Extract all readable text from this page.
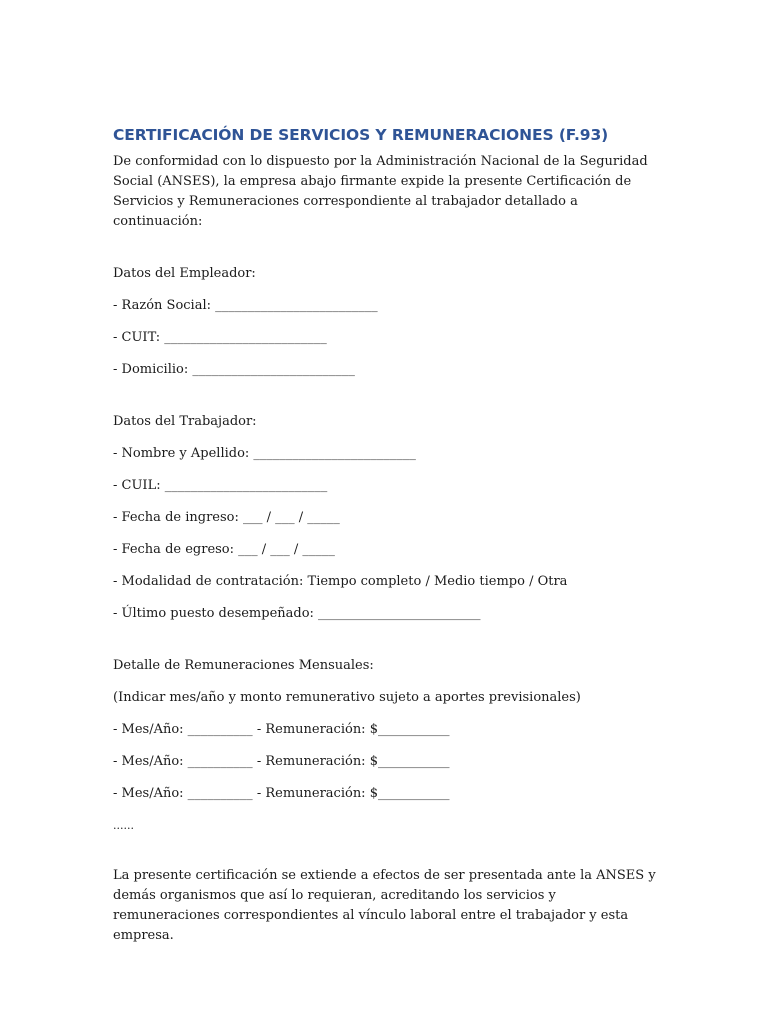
CERTIFICACIÓN DE SERVICIOS Y REMUNERACIONES (F.93)

De conformidad con lo dispuesto por la Administración Nacional de la Seguridad Social (ANSES), la empresa abajo firmante expide la presente Certificación de Servicios y Remuneraciones correspondiente al trabajador detallado a continuación:

Datos del Empleador:

- Razón Social: _________________________

- CUIT: _________________________

- Domicilio: _________________________

Datos del Trabajador:

- Nombre y Apellido: _________________________

- CUIL: _________________________

- Fecha de ingreso: ___ / ___ / _____

- Fecha de egreso: ___ / ___ / _____

- Modalidad de contratación: Tiempo completo / Medio tiempo / Otra

- Último puesto desempeñado: _________________________

Detalle de Remuneraciones Mensuales:

(Indicar mes/año y monto remunerativo sujeto a aportes previsionales)

- Mes/Año: __________ - Remuneración: $___________

- Mes/Año: __________ - Remuneración: $___________

- Mes/Año: __________ - Remuneración: $___________

......

La presente certificación se extiende a efectos de ser presentada ante la ANSES y demás organismos que así lo requieran, acreditando los servicios y remuneraciones correspondientes al vínculo laboral entre el trabajador y esta empresa.
